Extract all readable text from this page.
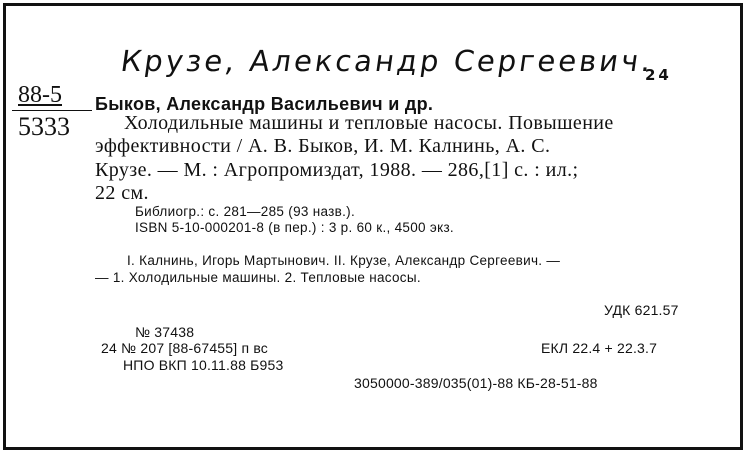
Крузе, Александр Сергеевич.
24
88-5
5333
Быков, Александр Васильевич и др.
Холодильные машины и тепловые насосы. Повышение
эффективности / А. В. Быков, И. М. Калнинь, А. С.
Крузе. — М. : Агропромиздат, 1988. — 286,[1] с. : ил.;
22 см.
Библиогр.: с. 281—285 (93 назв.).
ISBN 5-10-000201-8 (в пер.) : 3 р. 60 к., 4500 экз.
I. Калнинь, Игорь Мартынович. II. Крузе, Александр Сергеевич. —
— 1. Холодильные машины. 2. Тепловые насосы.
УДК 621.57
№ 37438
24 № 207 [88-67455] п вс
НПО ВКП 10.11.88 Б953
ЕКЛ 22.4 + 22.3.7
3050000-389/035(01)-88 КБ-28-51-88
